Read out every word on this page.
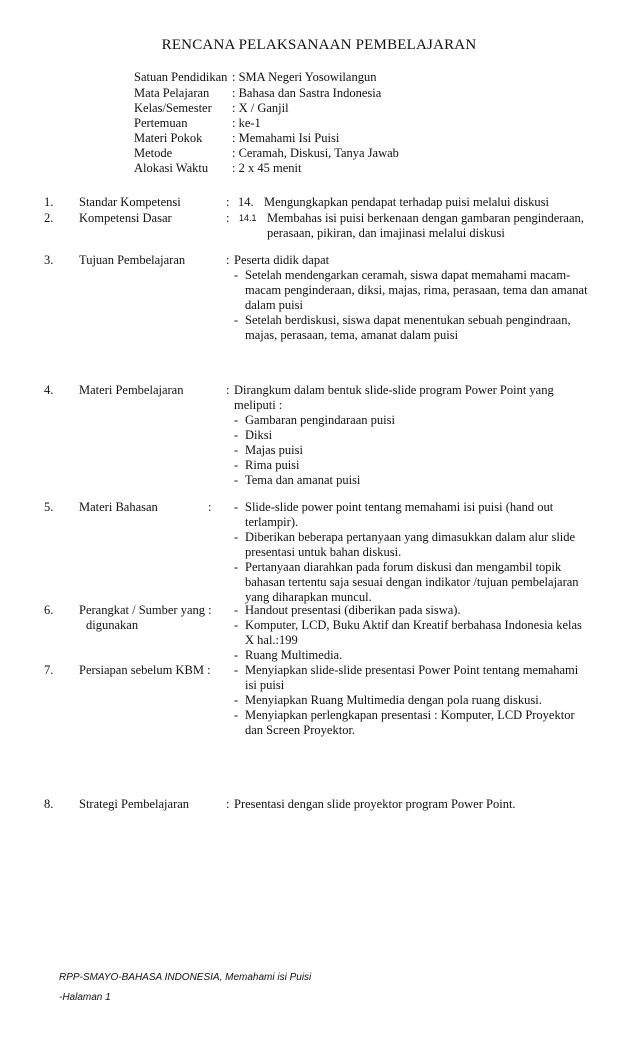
RENCANA PELAKSANAAN PEMBELAJARAN
Satuan Pendidikan : SMA Negeri Yosowilangun
Mata Pelajaran : Bahasa dan Sastra Indonesia
Kelas/Semester : X / Ganjil
Pertemuan	: ke-1
Materi Pokok : Memahami Isi Puisi
Metode	: Ceramah, Diskusi, Tanya Jawab
Alokasi Waktu : 2 x 45 menit
1. Standar Kompetensi	: 14. Mengungkapkan pendapat terhadap puisi melalui diskusi
2. Kompetensi Dasar	: 14.1 Membahas isi puisi berkenaan dengan gambaran penginderaan,
perasaan, pikiran, dan imajinasi melalui diskusi
3. Tujuan Pembelajaran	: Peserta didik dapat
- Setelah mendengarkan ceramah, siswa dapat memahami macam-
macam penginderaan, diksi, majas, rima, perasaan, tema dan amanat
dalam puisi
- Setelah berdiskusi, siswa dapat menentukan sebuah pengindraan,
majas, perasaan, tema, amanat dalam puisi
4. Materi Pembelajaran	: Dirangkum dalam bentuk slide-slide program Power Point yang
meliputi :
- Gambaran pengindaraan puisi
- Diksi
- Majas puisi
- Rima puisi
- Tema dan amanat puisi
5. Materi Bahasan	: - Slide-slide power point tentang memahami isi puisi (hand out
terlampir).
- Diberikan beberapa pertanyaan yang dimasukkan dalam alur slide
presentasi untuk bahan diskusi.
- Pertanyaan diarahkan pada forum diskusi dan mengambil topik
bahasan tertentu saja sesuai dengan indikator /tujuan pembelajaran
yang diharapkan muncul.
6. Perangkat / Sumber yang :
digunakan
- Handout presentasi (diberikan pada siswa).
- Komputer, LCD, Buku Aktif dan Kreatif berbahasa Indonesia kelas
X hal.:199
- Ruang Multimedia.
7. Persiapan sebelum KBM : - Menyiapkan slide-slide presentasi Power Point tentang memahami
isi puisi
- Menyiapkan Ruang Multimedia dengan pola ruang diskusi.
- Menyiapkan perlengkapan presentasi : Komputer, LCD Proyektor
dan Screen Proyektor.
8. Strategi Pembelajaran	: Presentasi dengan slide proyektor program Power Point.
RPP-SMAYO-BAHASA INDONESIA, Memahami isi Puisi
-Halaman 1
